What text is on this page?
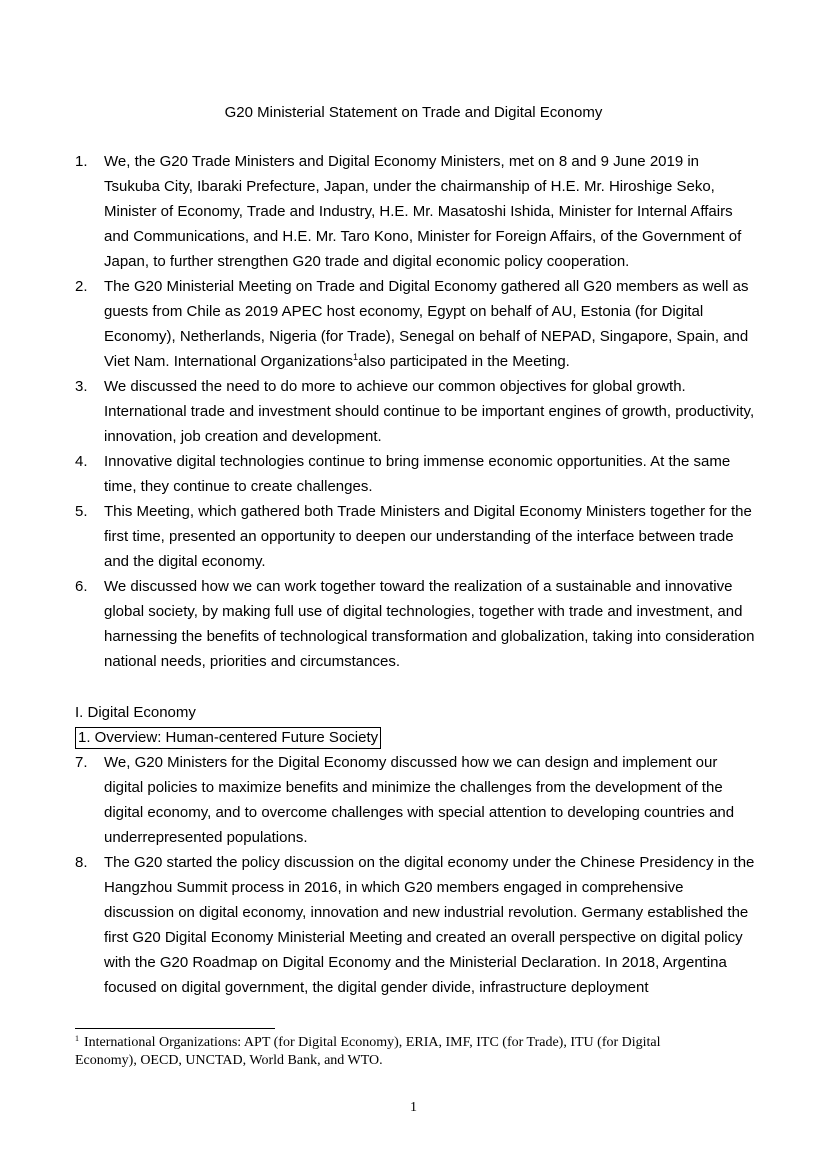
G20 Ministerial Statement on Trade and Digital Economy
1. We, the G20 Trade Ministers and Digital Economy Ministers, met on 8 and 9 June 2019 in Tsukuba City, Ibaraki Prefecture, Japan, under the chairmanship of H.E. Mr. Hiroshige Seko, Minister of Economy, Trade and Industry, H.E. Mr. Masatoshi Ishida, Minister for Internal Affairs and Communications, and H.E. Mr. Taro Kono, Minister for Foreign Affairs, of the Government of Japan, to further strengthen G20 trade and digital economic policy cooperation.
2. The G20 Ministerial Meeting on Trade and Digital Economy gathered all G20 members as well as guests from Chile as 2019 APEC host economy, Egypt on behalf of AU, Estonia (for Digital Economy), Netherlands, Nigeria (for Trade), Senegal on behalf of NEPAD, Singapore, Spain, and Viet Nam. International Organizations$^1$also participated in the Meeting.
3. We discussed the need to do more to achieve our common objectives for global growth. International trade and investment should continue to be important engines of growth, productivity, innovation, job creation and development.
4. Innovative digital technologies continue to bring immense economic opportunities. At the same time, they continue to create challenges.
5. This Meeting, which gathered both Trade Ministers and Digital Economy Ministers together for the first time, presented an opportunity to deepen our understanding of the interface between trade and the digital economy.
6. We discussed how we can work together toward the realization of a sustainable and innovative global society, by making full use of digital technologies, together with trade and investment, and harnessing the benefits of technological transformation and globalization, taking into consideration national needs, priorities and circumstances.
I. Digital Economy
1. Overview: Human-centered Future Society
7. We, G20 Ministers for the Digital Economy discussed how we can design and implement our digital policies to maximize benefits and minimize the challenges from the development of the digital economy, and to overcome challenges with special attention to developing countries and underrepresented populations.
8. The G20 started the policy discussion on the digital economy under the Chinese Presidency in the Hangzhou Summit process in 2016, in which G20 members engaged in comprehensive discussion on digital economy, innovation and new industrial revolution. Germany established the first G20 Digital Economy Ministerial Meeting and created an overall perspective on digital policy with the G20 Roadmap on Digital Economy and the Ministerial Declaration. In 2018, Argentina focused on digital government, the digital gender divide, infrastructure deployment
$^1$ International Organizations: APT (for Digital Economy), ERIA, IMF, ITC (for Trade), ITU (for Digital Economy), OECD, UNCTAD, World Bank, and WTO.
1
